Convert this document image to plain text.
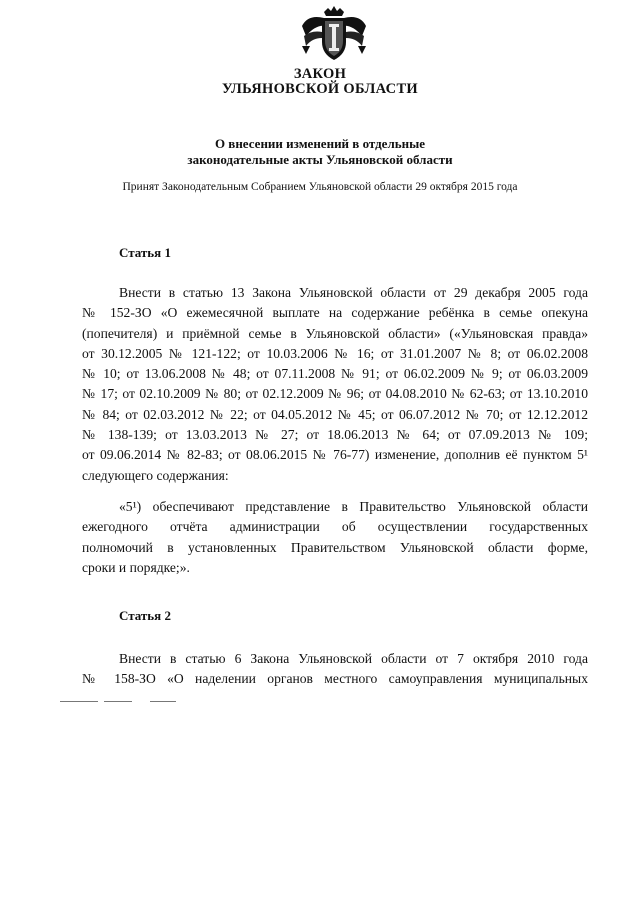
ЗАКОН
УЛЬЯНОВСКОЙ ОБЛАСТИ
О внесении изменений в отдельные
законодательные акты Ульяновской области
Принят Законодательным Собранием Ульяновской области 29 октября 2015 года
Статья 1
Внести в статью 13 Закона Ульяновской области от 29 декабря 2005 года
№ 152-ЗО «О ежемесячной выплате на содержание ребёнка в семье опекуна
(попечителя) и приёмной семье в Ульяновской области» («Ульяновская правда»
от 30.12.2005 № 121-122; от 10.03.2006 № 16; от 31.01.2007 № 8; от 06.02.2008
№ 10; от 13.06.2008 № 48; от 07.11.2008 № 91; от 06.02.2009 № 9; от 06.03.2009
№ 17; от 02.10.2009 № 80; от 02.12.2009 № 96; от 04.08.2010 № 62-63; от 13.10.2010
№ 84; от 02.03.2012 № 22; от 04.05.2012 № 45; от 06.07.2012 № 70; от 12.12.2012
№ 138-139; от 13.03.2013 № 27; от 18.06.2013 № 64; от 07.09.2013 № 109;
от 09.06.2014 № 82-83; от 08.06.2015 № 76-77) изменение, дополнив её пунктом 5¹
следующего содержания:
«5¹) обеспечивают представление в Правительство Ульяновской области
ежегодного отчёта администрации об осуществлении государственных
полномочий в установленных Правительством Ульяновской области форме,
сроки и порядке;».
Статья 2
Внести в статью 6 Закона Ульяновской области от 7 октября 2010 года
№ 158-ЗО «О наделении органов местного самоуправления муниципальных
